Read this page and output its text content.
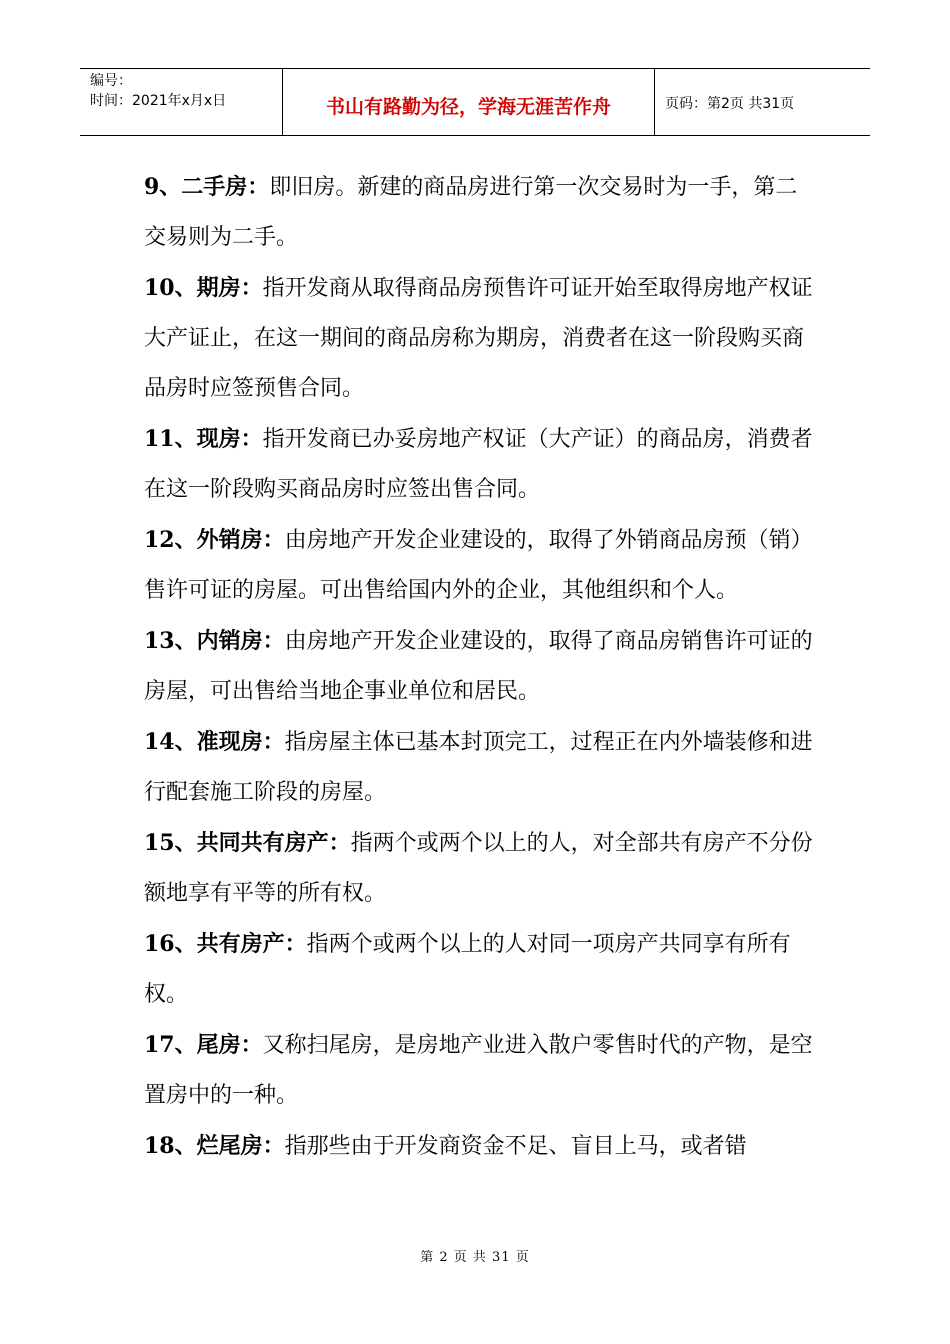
编号：
时间：2021年x月x日	书山有路勤为径，学海无涯苦作舟	页码：第2页 共31页
9、二手房：即旧房。新建的商品房进行第一次交易时为一手，第二交易则为二手。
10、期房：指开发商从取得商品房预售许可证开始至取得房地产权证大产证止，在这一期间的商品房称为期房，消费者在这一阶段购买商品房时应签预售合同。
11、现房：指开发商已办妥房地产权证（大产证）的商品房，消费者在这一阶段购买商品房时应签出售合同。
12、外销房：由房地产开发企业建设的，取得了外销商品房预（销）售许可证的房屋。可出售给国内外的企业，其他组织和个人。
13、内销房：由房地产开发企业建设的，取得了商品房销售许可证的房屋，可出售给当地企事业单位和居民。
14、准现房：指房屋主体已基本封顶完工，过程正在内外墙装修和进行配套施工阶段的房屋。
15、共同共有房产：指两个或两个以上的人，对全部共有房产不分份额地享有平等的所有权。
16、共有房产：指两个或两个以上的人对同一项房产共同享有所有权。
17、尾房：又称扫尾房，是房地产业进入散户零售时代的产物，是空置房中的一种。
18、烂尾房：指那些由于开发商资金不足、盲目上马，或者错
第 2 页 共 31 页
